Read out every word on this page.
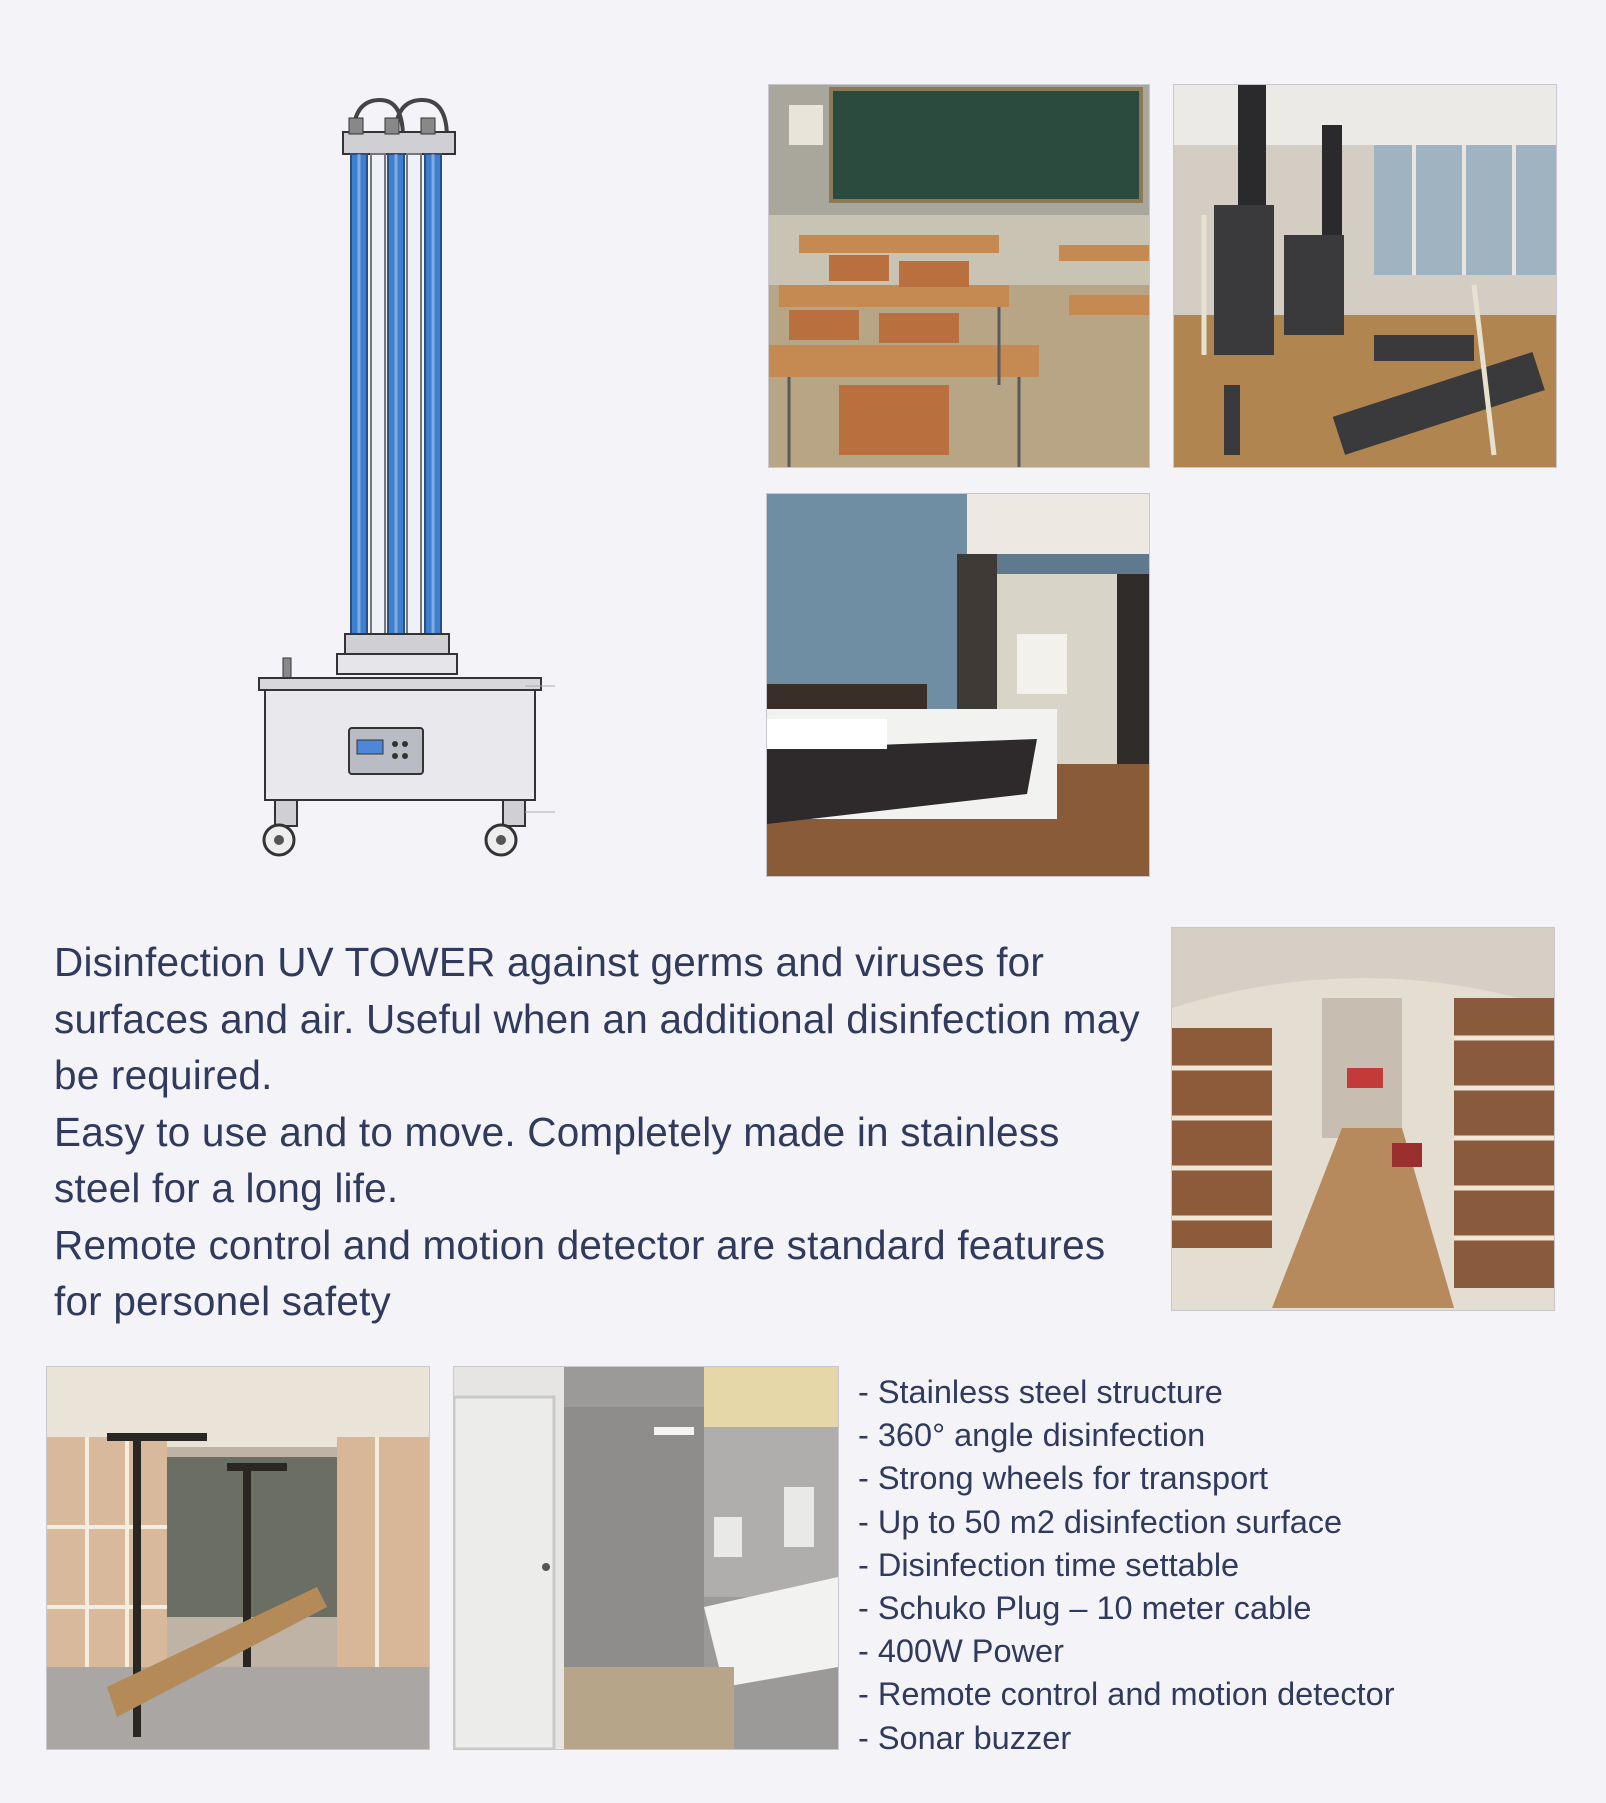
Disinfection UV TOWER against germs and viruses for surfaces and air. Useful when an additional disinfection may be required.

Easy to use and to move. Completely made in stainless steel for a long life.

Remote control and motion detector are standard features for personel safety

- Stainless steel structure
- 360° angle disinfection
- Strong wheels for transport
- Up to 50 m2 disinfection surface
- Disinfection time settable
- Schuko Plug – 10 meter cable
- 400W Power
- Remote control and motion detector
- Sonar buzzer
